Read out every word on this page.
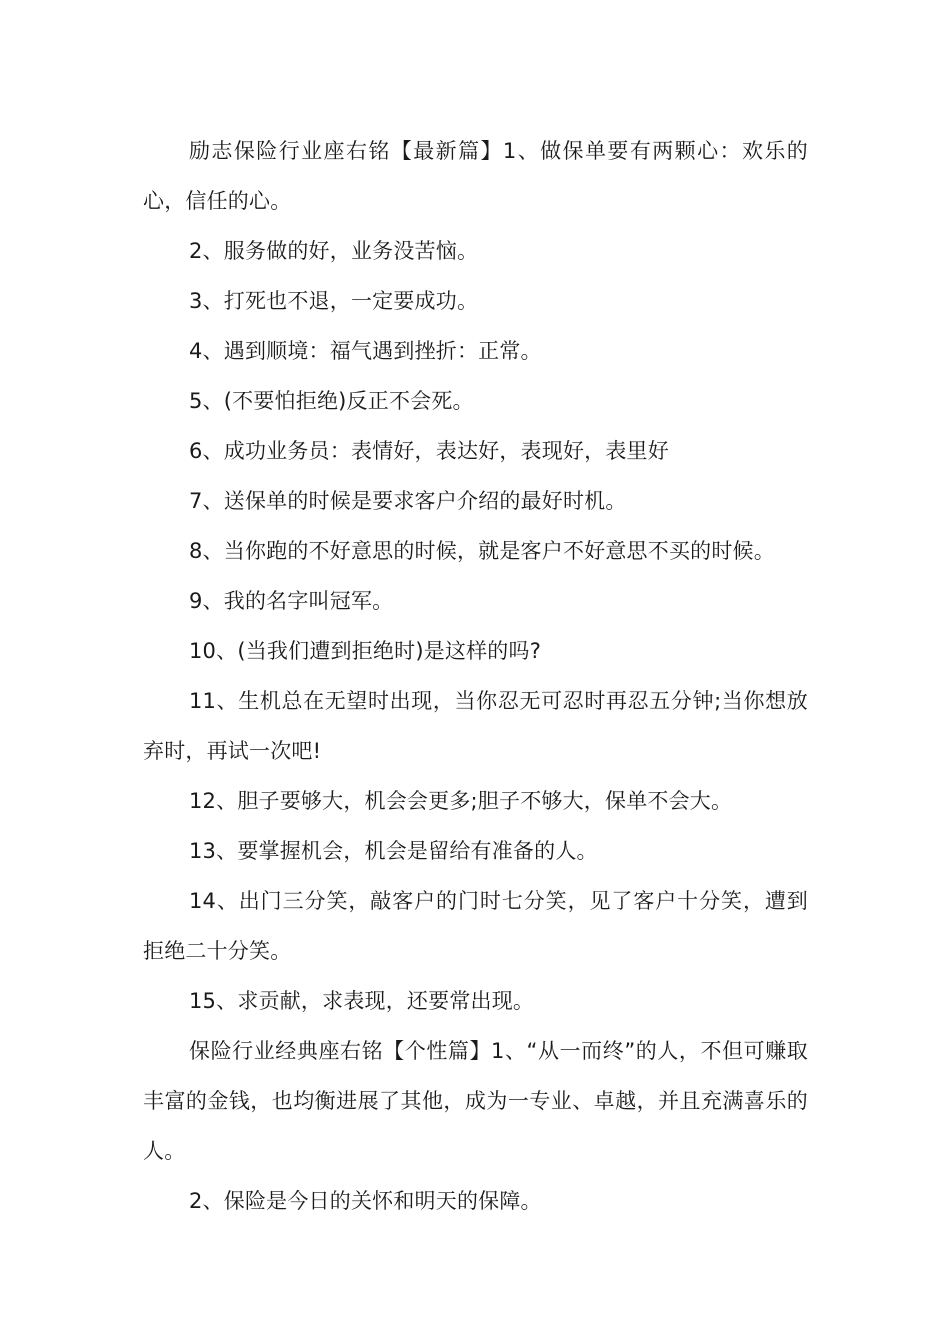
励志保险行业座右铭【最新篇】1、做保单要有两颗心：欢乐的心，信任的心。

2、服务做的好，业务没苦恼。

3、打死也不退，一定要成功。

4、遇到顺境：福气遇到挫折：正常。

5、(不要怕拒绝)反正不会死。

6、成功业务员：表情好，表达好，表现好，表里好

7、送保单的时候是要求客户介绍的最好时机。

8、当你跑的不好意思的时候，就是客户不好意思不买的时候。

9、我的名字叫冠军。

10、(当我们遭到拒绝时)是这样的吗?

11、生机总在无望时出现，当你忍无可忍时再忍五分钟;当你想放弃时，再试一次吧!

12、胆子要够大，机会会更多;胆子不够大，保单不会大。

13、要掌握机会，机会是留给有准备的人。

14、出门三分笑，敲客户的门时七分笑，见了客户十分笑，遭到拒绝二十分笑。

15、求贡献，求表现，还要常出现。

保险行业经典座右铭【个性篇】1、“从一而终”的人，不但可赚取丰富的金钱，也均衡进展了其他，成为一专业、卓越，并且充满喜乐的人。

2、保险是今日的关怀和明天的保障。
